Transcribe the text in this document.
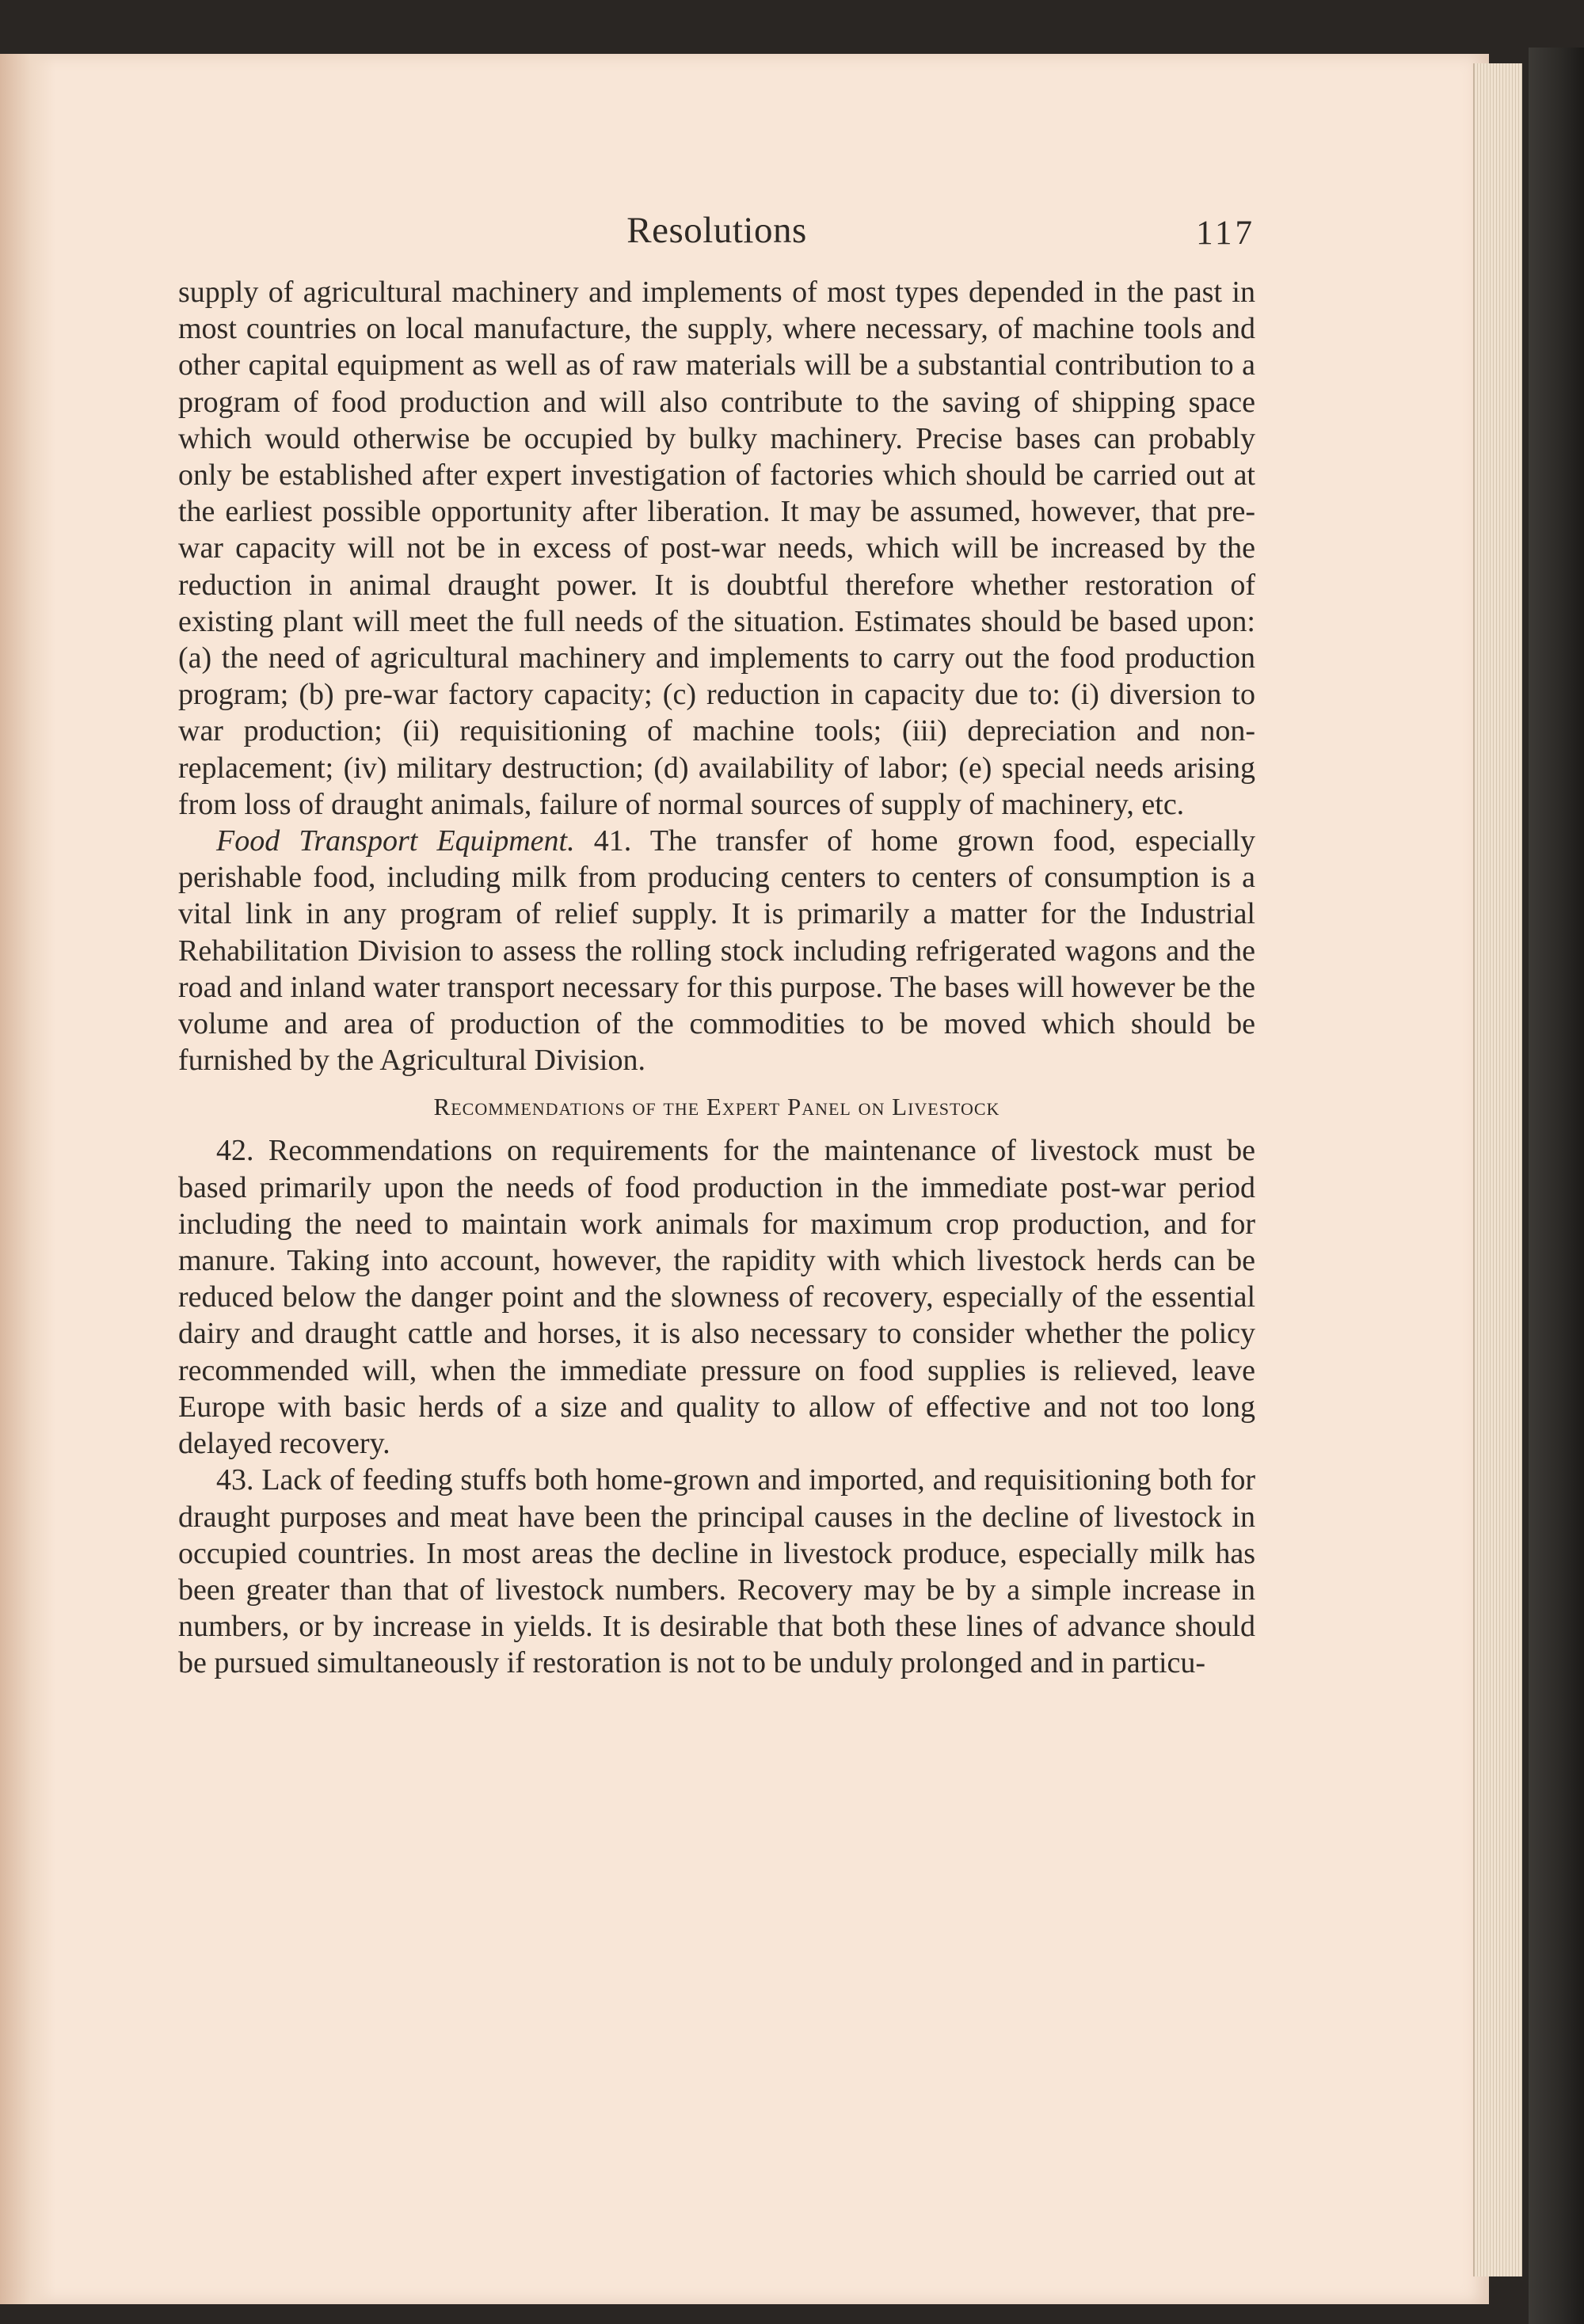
Resolutions	117

supply of agricultural machinery and implements of most types depended in the past in most countries on local manufacture, the supply, where necessary, of machine tools and other capital equipment as well as of raw materials will be a substantial contribution to a program of food production and will also contribute to the saving of shipping space which would otherwise be occupied by bulky machinery. Precise bases can probably only be established after expert investigation of factories which should be carried out at the earliest possible opportunity after liberation. It may be assumed, however, that pre-war capacity will not be in excess of post-war needs, which will be increased by the reduction in animal draught power. It is doubtful therefore whether restoration of existing plant will meet the full needs of the situation. Estimates should be based upon: (a) the need of agricultural machinery and implements to carry out the food production program; (b) pre-war factory capacity; (c) reduction in capacity due to: (i) diversion to war production; (ii) requisitioning of machine tools; (iii) depreciation and non-replacement; (iv) military destruction; (d) availability of labor; (e) special needs arising from loss of draught animals, failure of normal sources of supply of machinery, etc.

Food Transport Equipment. 41. The transfer of home grown food, especially perishable food, including milk from producing centers to centers of consumption is a vital link in any program of relief supply. It is primarily a matter for the Industrial Rehabilitation Division to assess the rolling stock including refrigerated wagons and the road and inland water transport necessary for this purpose. The bases will however be the volume and area of production of the commodities to be moved which should be furnished by the Agricultural Division.

Recommendations of the Expert Panel on Livestock

42. Recommendations on requirements for the maintenance of livestock must be based primarily upon the needs of food production in the immediate post-war period including the need to maintain work animals for maximum crop production, and for manure. Taking into account, however, the rapidity with which livestock herds can be reduced below the danger point and the slowness of recovery, especially of the essential dairy and draught cattle and horses, it is also necessary to consider whether the policy recommended will, when the immediate pressure on food supplies is relieved, leave Europe with basic herds of a size and quality to allow of effective and not too long delayed recovery.

43. Lack of feeding stuffs both home-grown and imported, and requisitioning both for draught purposes and meat have been the principal causes in the decline of livestock in occupied countries. In most areas the decline in livestock produce, especially milk has been greater than that of livestock numbers. Recovery may be by a simple increase in numbers, or by increase in yields. It is desirable that both these lines of advance should be pursued simultaneously if restoration is not to be unduly prolonged and in particu-
